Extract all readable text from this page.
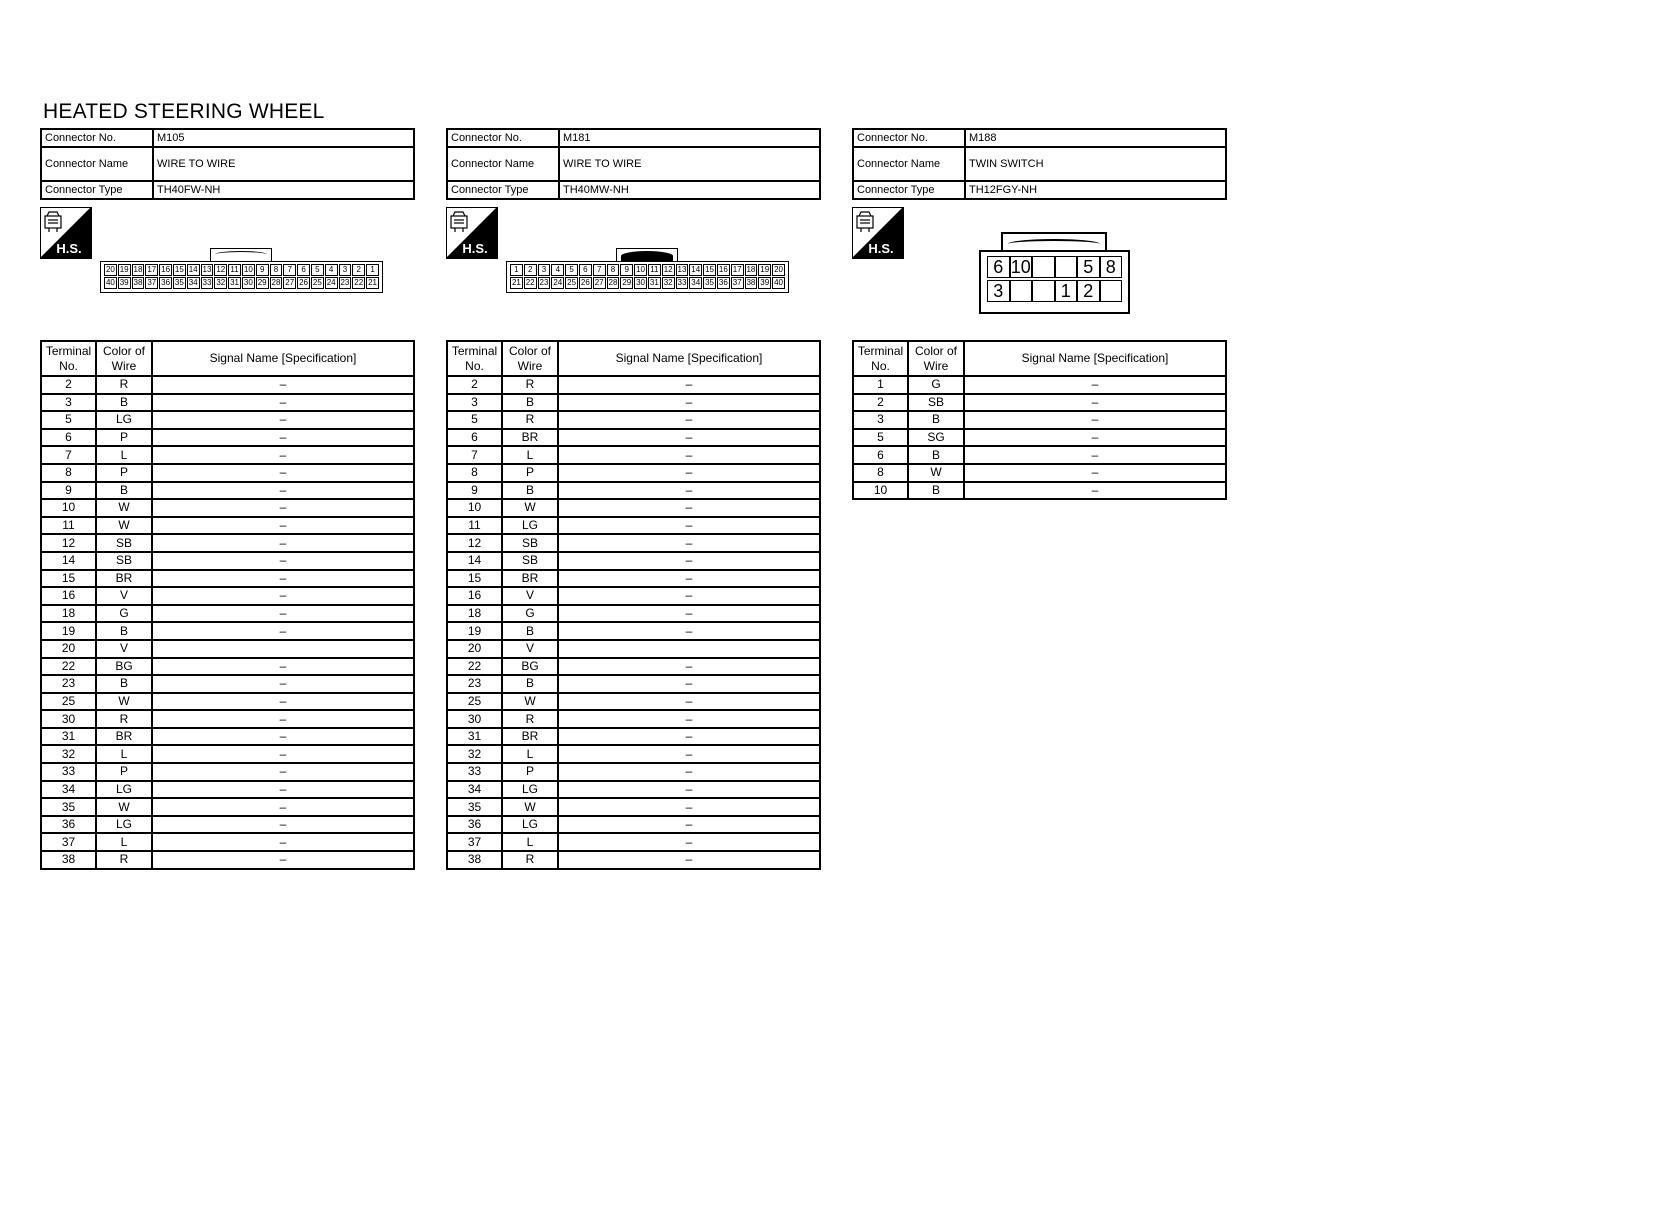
HEATED STEERING WHEEL
Connector No.	M105
Connector Name	WIRE TO WIRE
Connector Type	TH40FW-NH
H.S.
20 19 18 17 16 15 14 13 12 11 10 9	8	7	6	5	4	3	2	1
40 39 38 37 36 35 34 33 32 31 30 29 28 27 26 25 24 23 22 21
Terminal No.	Color of Wire	Signal Name [Specification]
2	R	–
3	B	–
5	LG	–
6	P	–
7	L	–
8	P	–
9	B	–
10	W	–
11	W	–
12	SB	–
14	SB	–
15	BR	–
16	V	–
18	G	–
19	B	–
20	V	
22	BG	–
23	B	–
25	W	–
30	R	–
31	BR	–
32	L	–
33	P	–
34	LG	–
35	W	–
36	LG	–
37	L	–
38	R	–
Connector No.	M181
Connector Name	WIRE TO WIRE
Connector Type	TH40MW-NH
H.S.
1	2	3	4	5	6	7	8	9 10 11 12 13 14 15 16 17 18 19 20
21 22 23 24 25 26 27 28 29 30 31 32 33 34 35 36 37 38 39 40
Terminal No.	Color of Wire	Signal Name [Specification]
2	R	–
3	B	–
5	R	–
6	BR	–
7	L	–
8	P	–
9	B	–
10	W	–
11	LG	–
12	SB	–
14	SB	–
15	BR	–
16	V	–
18	G	–
19	B	–
20	V	
22	BG	–
23	B	–
25	W	–
30	R	–
31	BR	–
32	L	–
33	P	–
34	LG	–
35	W	–
36	LG	–
37	L	–
38	R	–
Connector No.	M188
Connector Name	TWIN SWITCH
Connector Type	TH12FGY-NH
H.S.
6 10	5 8
3	1 2
Terminal No.	Color of Wire	Signal Name [Specification]
1	G	–
2	SB	–
3	B	–
5	SG	–
6	B	–
8	W	–
10	B	–
